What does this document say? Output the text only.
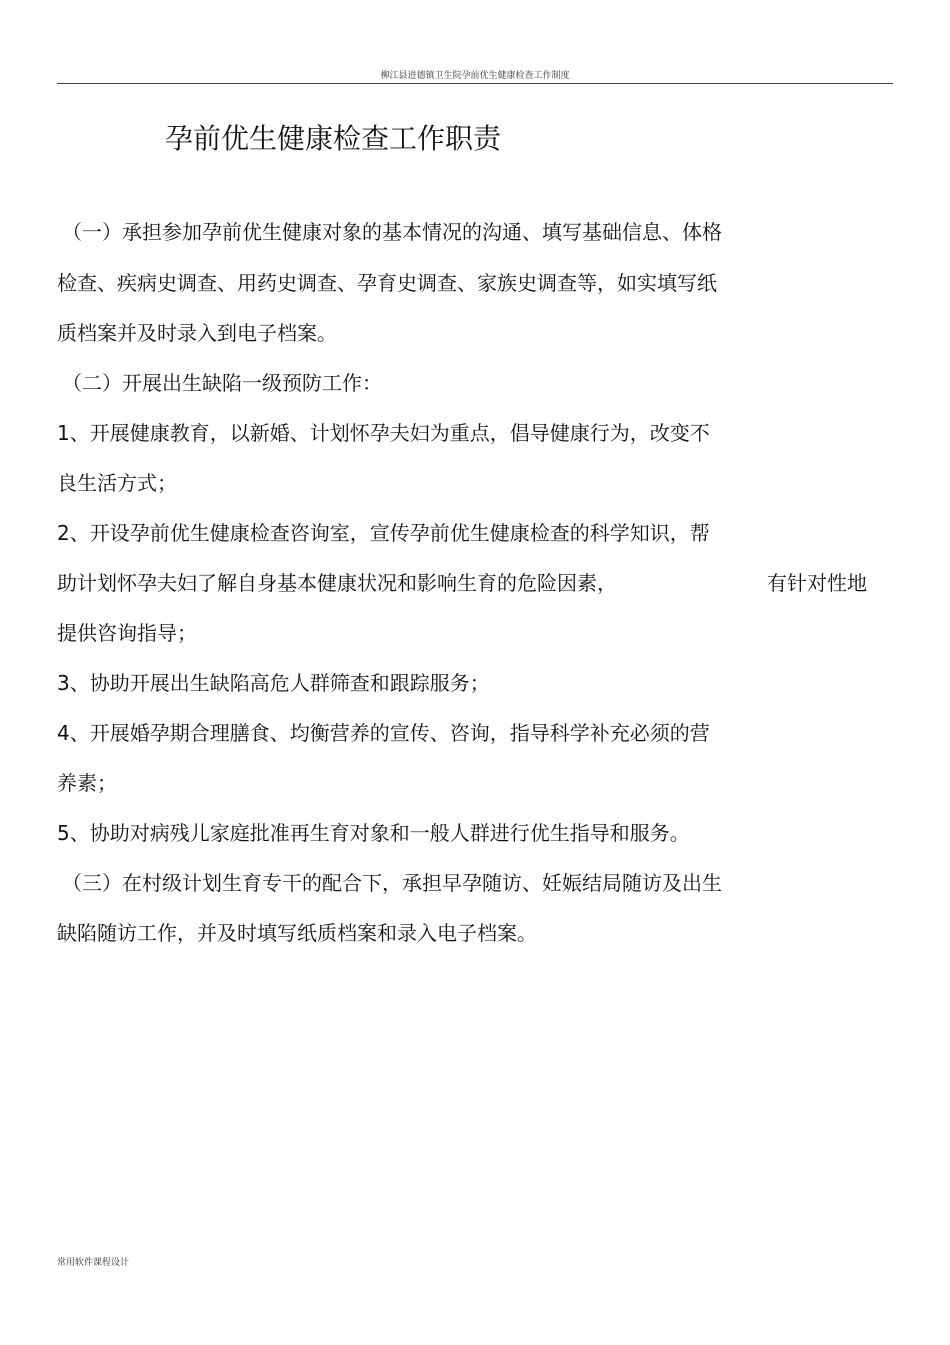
柳江县进德镇卫生院孕前优生健康检查工作制度
孕前优生健康检查工作职责
（一）承担参加孕前优生健康对象的基本情况的沟通、填写基础信息、体格
检查、疾病史调查、用药史调查、孕育史调查、家族史调查等，如实填写纸
质档案并及时录入到电子档案。
（二）开展出生缺陷一级预防工作：
1、开展健康教育，以新婚、计划怀孕夫妇为重点，倡导健康行为，改变不
良生活方式；
2、开设孕前优生健康检查咨询室，宣传孕前优生健康检查的科学知识，帮
助计划怀孕夫妇了解自身基本健康状况和影响生育的危险因素，	有针对性地
提供咨询指导；
3、协助开展出生缺陷高危人群筛查和跟踪服务；
4、开展婚孕期合理膳食、均衡营养的宣传、咨询，指导科学补充必须的营
养素；
5、协助对病残儿家庭批准再生育对象和一般人群进行优生指导和服务。
（三）在村级计划生育专干的配合下，承担早孕随访、妊娠结局随访及出生
缺陷随访工作，并及时填写纸质档案和录入电子档案。
常用软件课程设计
